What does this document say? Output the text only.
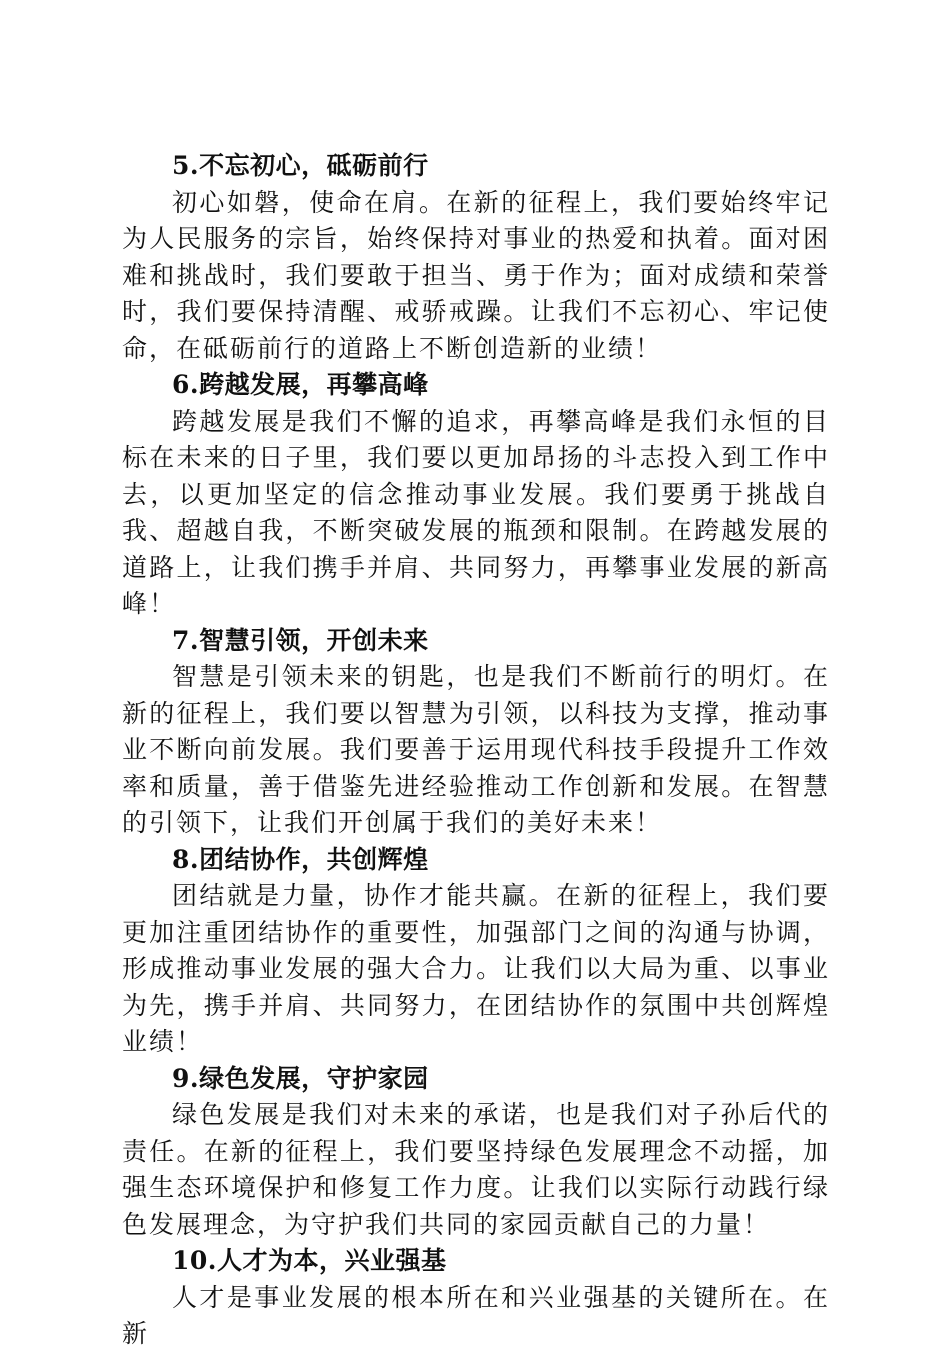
5.不忘初心，砥砺前行

初心如磐，使命在肩。在新的征程上，我们要始终牢记为人民服务的宗旨，始终保持对事业的热爱和执着。面对困难和挑战时，我们要敢于担当、勇于作为；面对成绩和荣誉时，我们要保持清醒、戒骄戒躁。让我们不忘初心、牢记使命，在砥砺前行的道路上不断创造新的业绩！

6.跨越发展，再攀高峰

跨越发展是我们不懈的追求，再攀高峰是我们永恒的目标在未来的日子里，我们要以更加昂扬的斗志投入到工作中去，以更加坚定的信念推动事业发展。我们要勇于挑战自我、超越自我，不断突破发展的瓶颈和限制。在跨越发展的道路上，让我们携手并肩、共同努力，再攀事业发展的新高峰！

7.智慧引领，开创未来

智慧是引领未来的钥匙，也是我们不断前行的明灯。在新的征程上，我们要以智慧为引领，以科技为支撑，推动事业不断向前发展。我们要善于运用现代科技手段提升工作效率和质量，善于借鉴先进经验推动工作创新和发展。在智慧的引领下，让我们开创属于我们的美好未来！

8.团结协作，共创辉煌

团结就是力量，协作才能共赢。在新的征程上，我们要更加注重团结协作的重要性，加强部门之间的沟通与协调，形成推动事业发展的强大合力。让我们以大局为重、以事业为先，携手并肩、共同努力，在团结协作的氛围中共创辉煌业绩！

9.绿色发展，守护家园

绿色发展是我们对未来的承诺，也是我们对子孙后代的责任。在新的征程上，我们要坚持绿色发展理念不动摇，加强生态环境保护和修复工作力度。让我们以实际行动践行绿色发展理念，为守护我们共同的家园贡献自己的力量！

10.人才为本，兴业强基

人才是事业发展的根本所在和兴业强基的关键所在。在新
